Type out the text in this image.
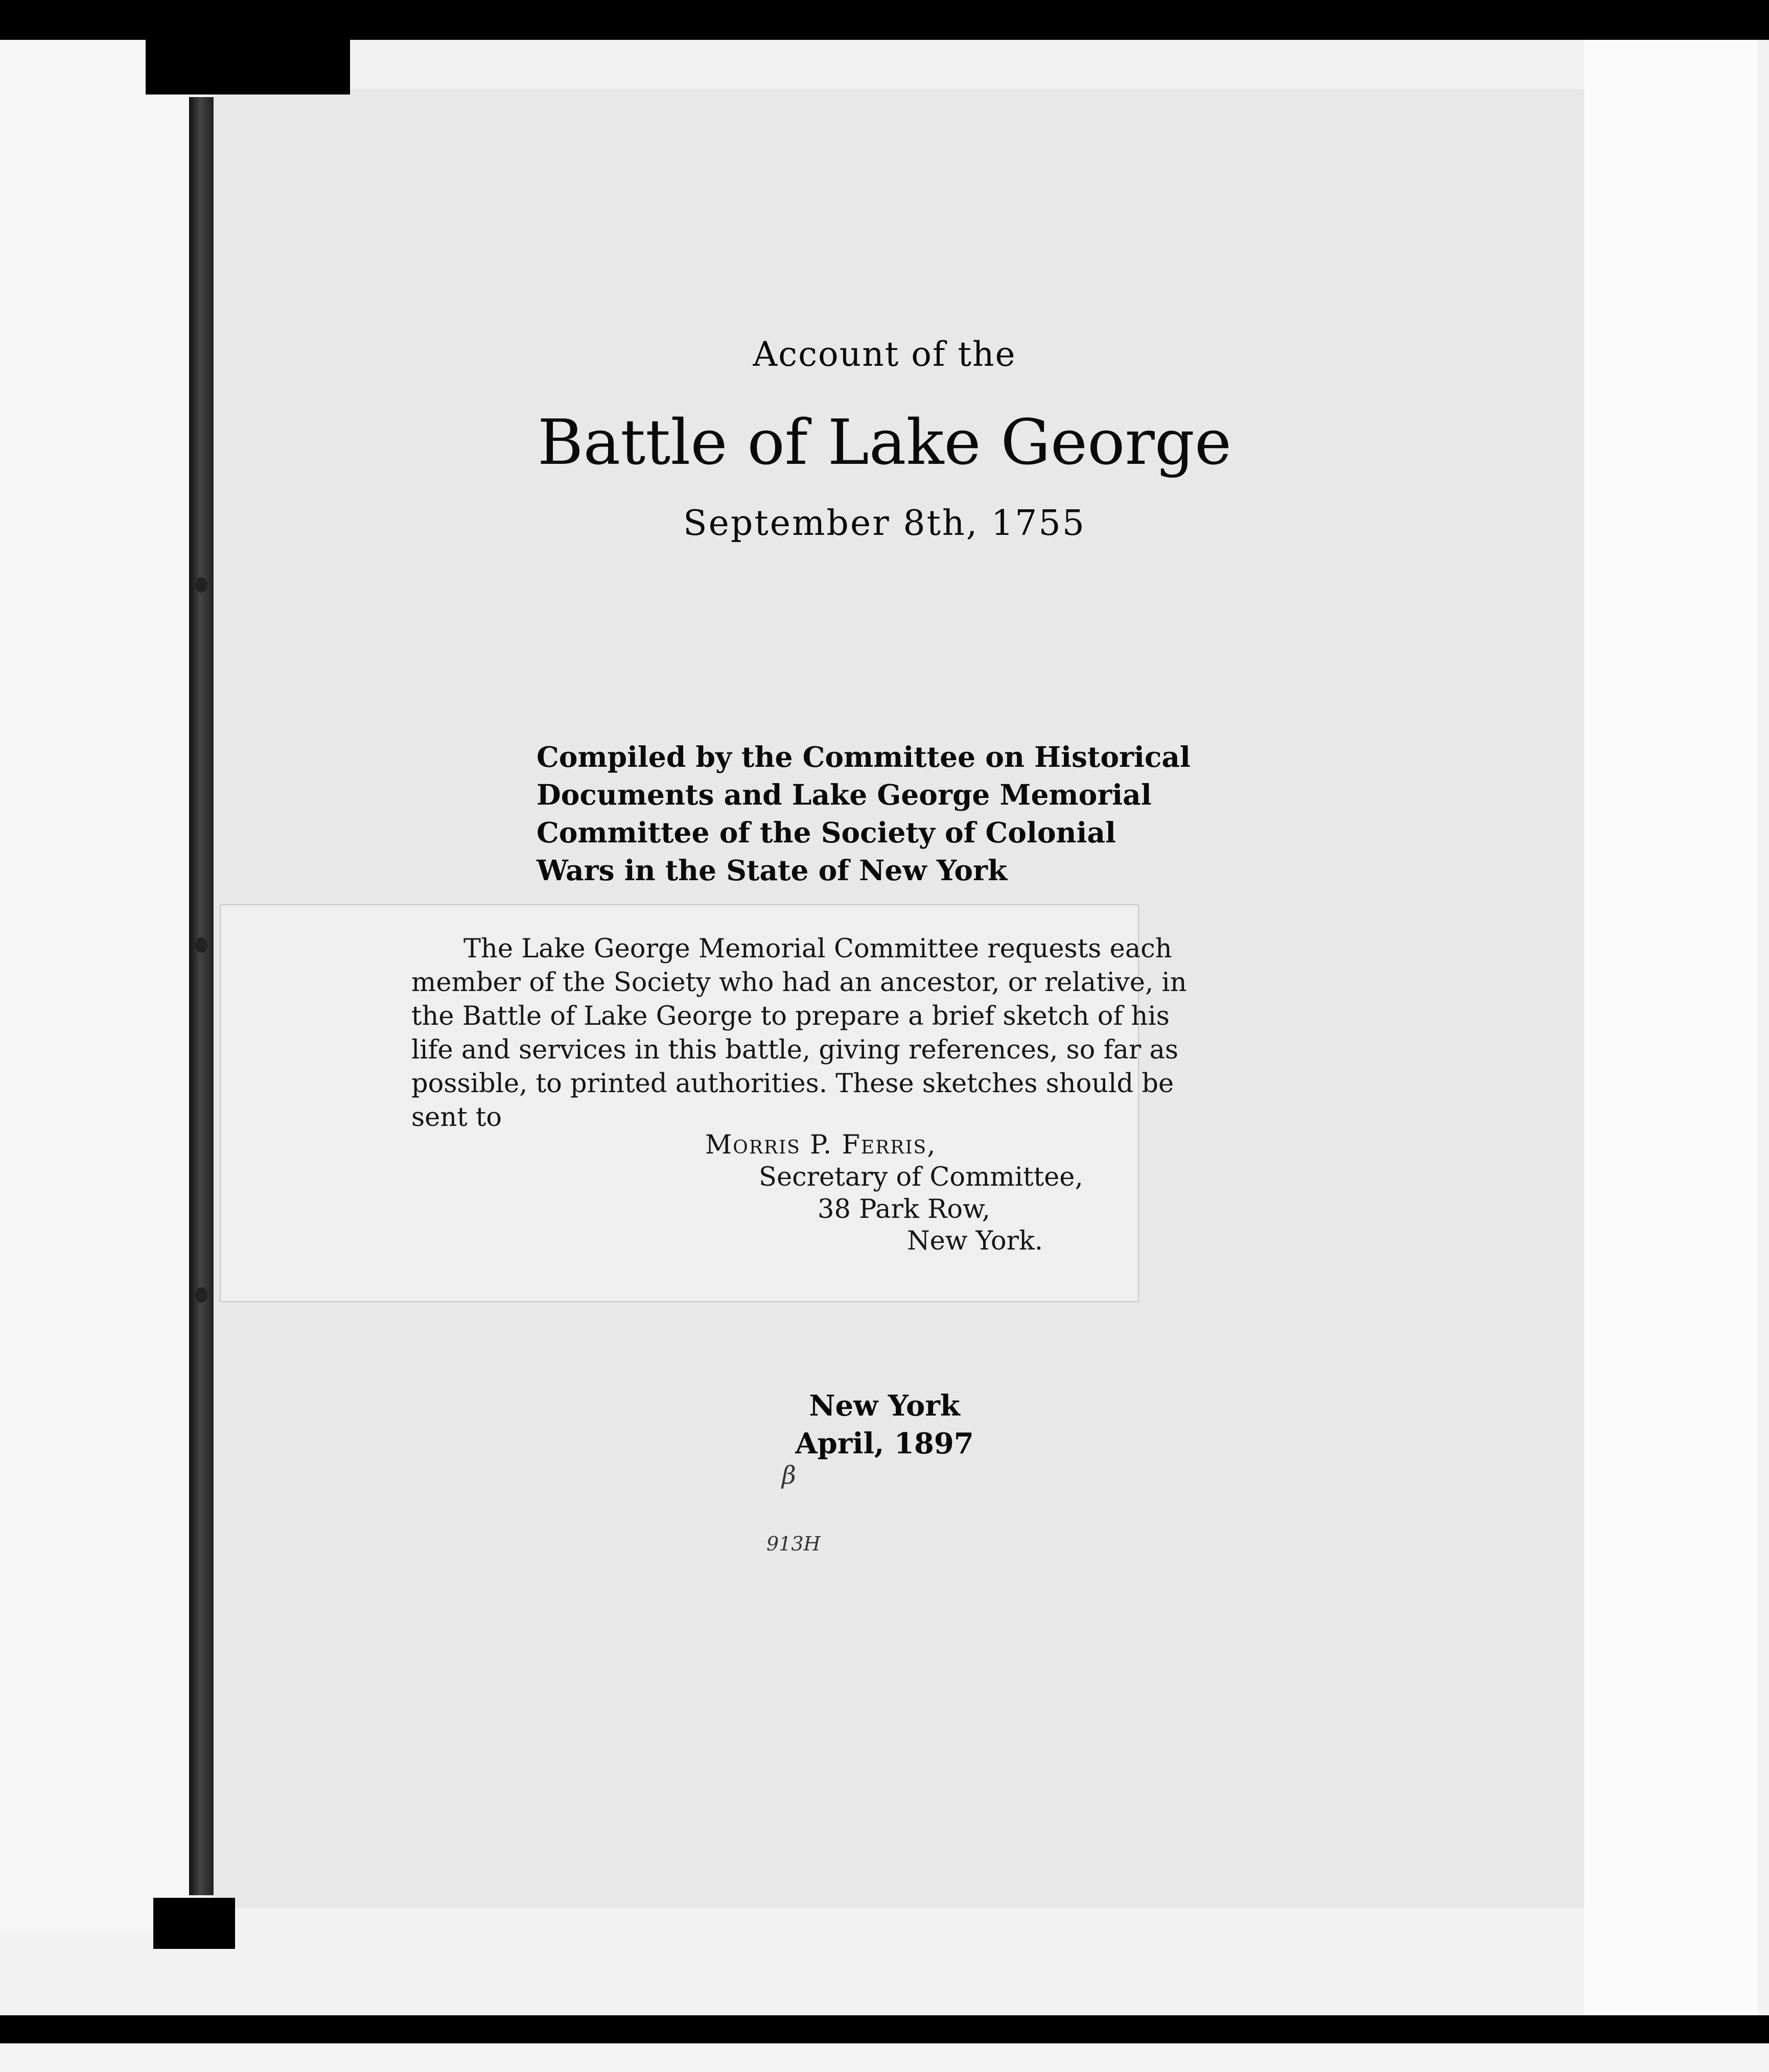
Account of the
Battle of Lake George
September 8th, 1755
Compiled by the Committee on Historical
Documents and Lake George Memorial
Committee of the Society of Colonial
Wars in the State of New York
The Lake George Memorial Committee requests each
member of the Society who had an ancestor, or relative, in
the Battle of Lake George to prepare a brief sketch of his
life and services in this battle, giving references, so far as
possible, to printed authorities. These sketches should be
sent to
Morris P. Ferris,
Secretary of Committee,
38 Park Row,
New York.
New York
April, 1897
β
913H
